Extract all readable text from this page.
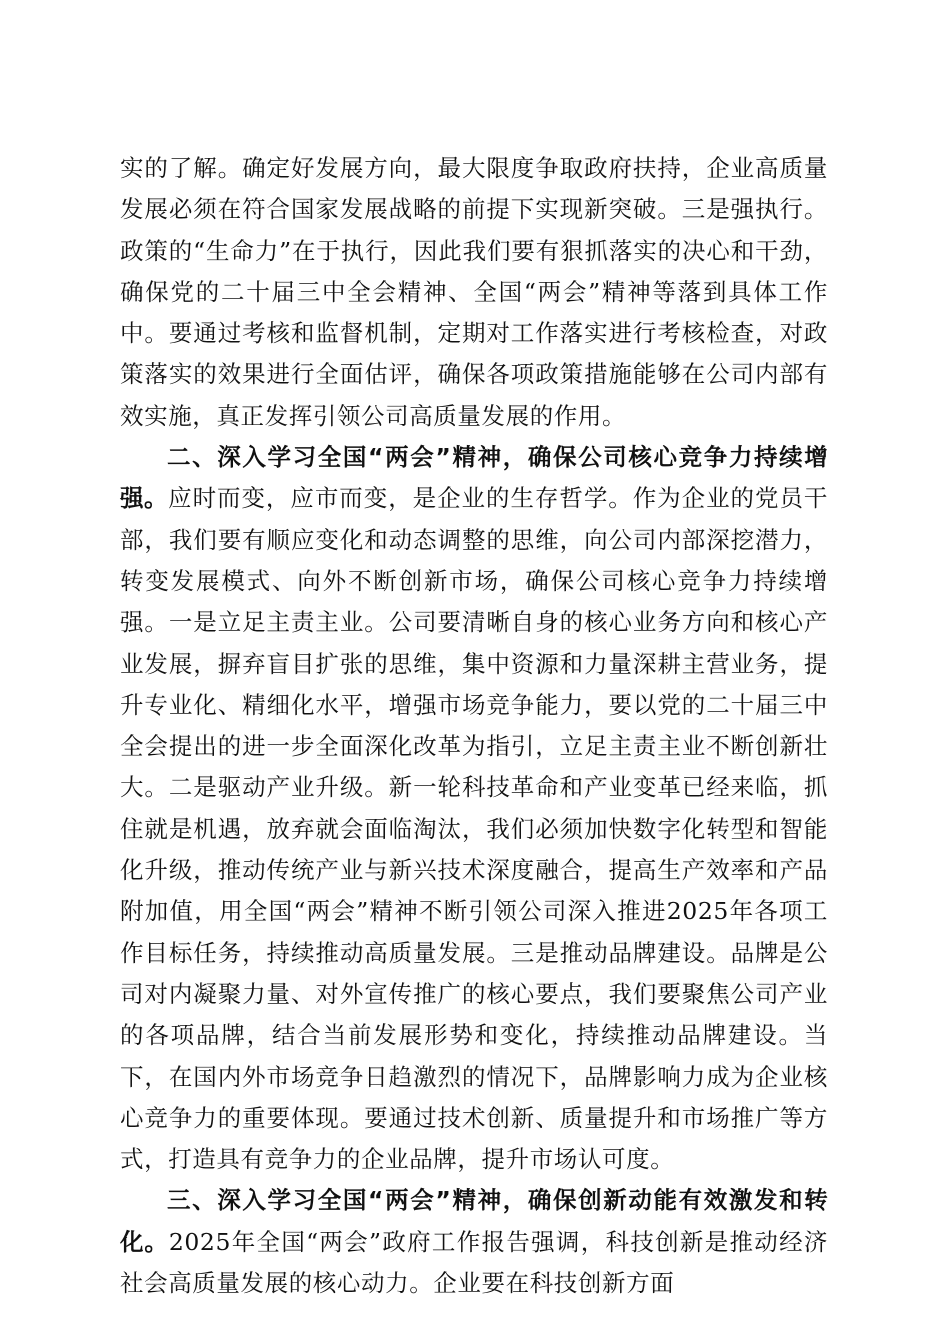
实的了解。确定好发展方向，最大限度争取政府扶持，企业高质量发展必须在符合国家发展战略的前提下实现新突破。三是强执行。政策的“生命力”在于执行，因此我们要有狠抓落实的决心和干劲，确保党的二十届三中全会精神、全国“两会”精神等落到具体工作中。要通过考核和监督机制，定期对工作落实进行考核检查，对政策落实的效果进行全面估评，确保各项政策措施能够在公司内部有效实施，真正发挥引领公司高质量发展的作用。

二、深入学习全国“两会”精神，确保公司核心竞争力持续增强。应时而变，应市而变，是企业的生存哲学。作为企业的党员干部，我们要有顺应变化和动态调整的思维，向公司内部深挖潜力，转变发展模式、向外不断创新市场，确保公司核心竞争力持续增强。一是立足主责主业。公司要清晰自身的核心业务方向和核心产业发展，摒弃盲目扩张的思维，集中资源和力量深耕主营业务，提升专业化、精细化水平，增强市场竞争能力，要以党的二十届三中全会提出的进一步全面深化改革为指引，立足主责主业不断创新壮大。二是驱动产业升级。新一轮科技革命和产业变革已经来临，抓住就是机遇，放弃就会面临淘汰，我们必须加快数字化转型和智能化升级，推动传统产业与新兴技术深度融合，提高生产效率和产品附加值，用全国“两会”精神不断引领公司深入推进2025年各项工作目标任务，持续推动高质量发展。三是推动品牌建设。品牌是公司对内凝聚力量、对外宣传推广的核心要点，我们要聚焦公司产业的各项品牌，结合当前发展形势和变化，持续推动品牌建设。当下，在国内外市场竞争日趋激烈的情况下，品牌影响力成为企业核心竞争力的重要体现。要通过技术创新、质量提升和市场推广等方式，打造具有竞争力的企业品牌，提升市场认可度。

三、深入学习全国“两会”精神，确保创新动能有效激发和转化。2025年全国“两会”政府工作报告强调，科技创新是推动经济社会高质量发展的核心动力。企业要在科技创新方面
